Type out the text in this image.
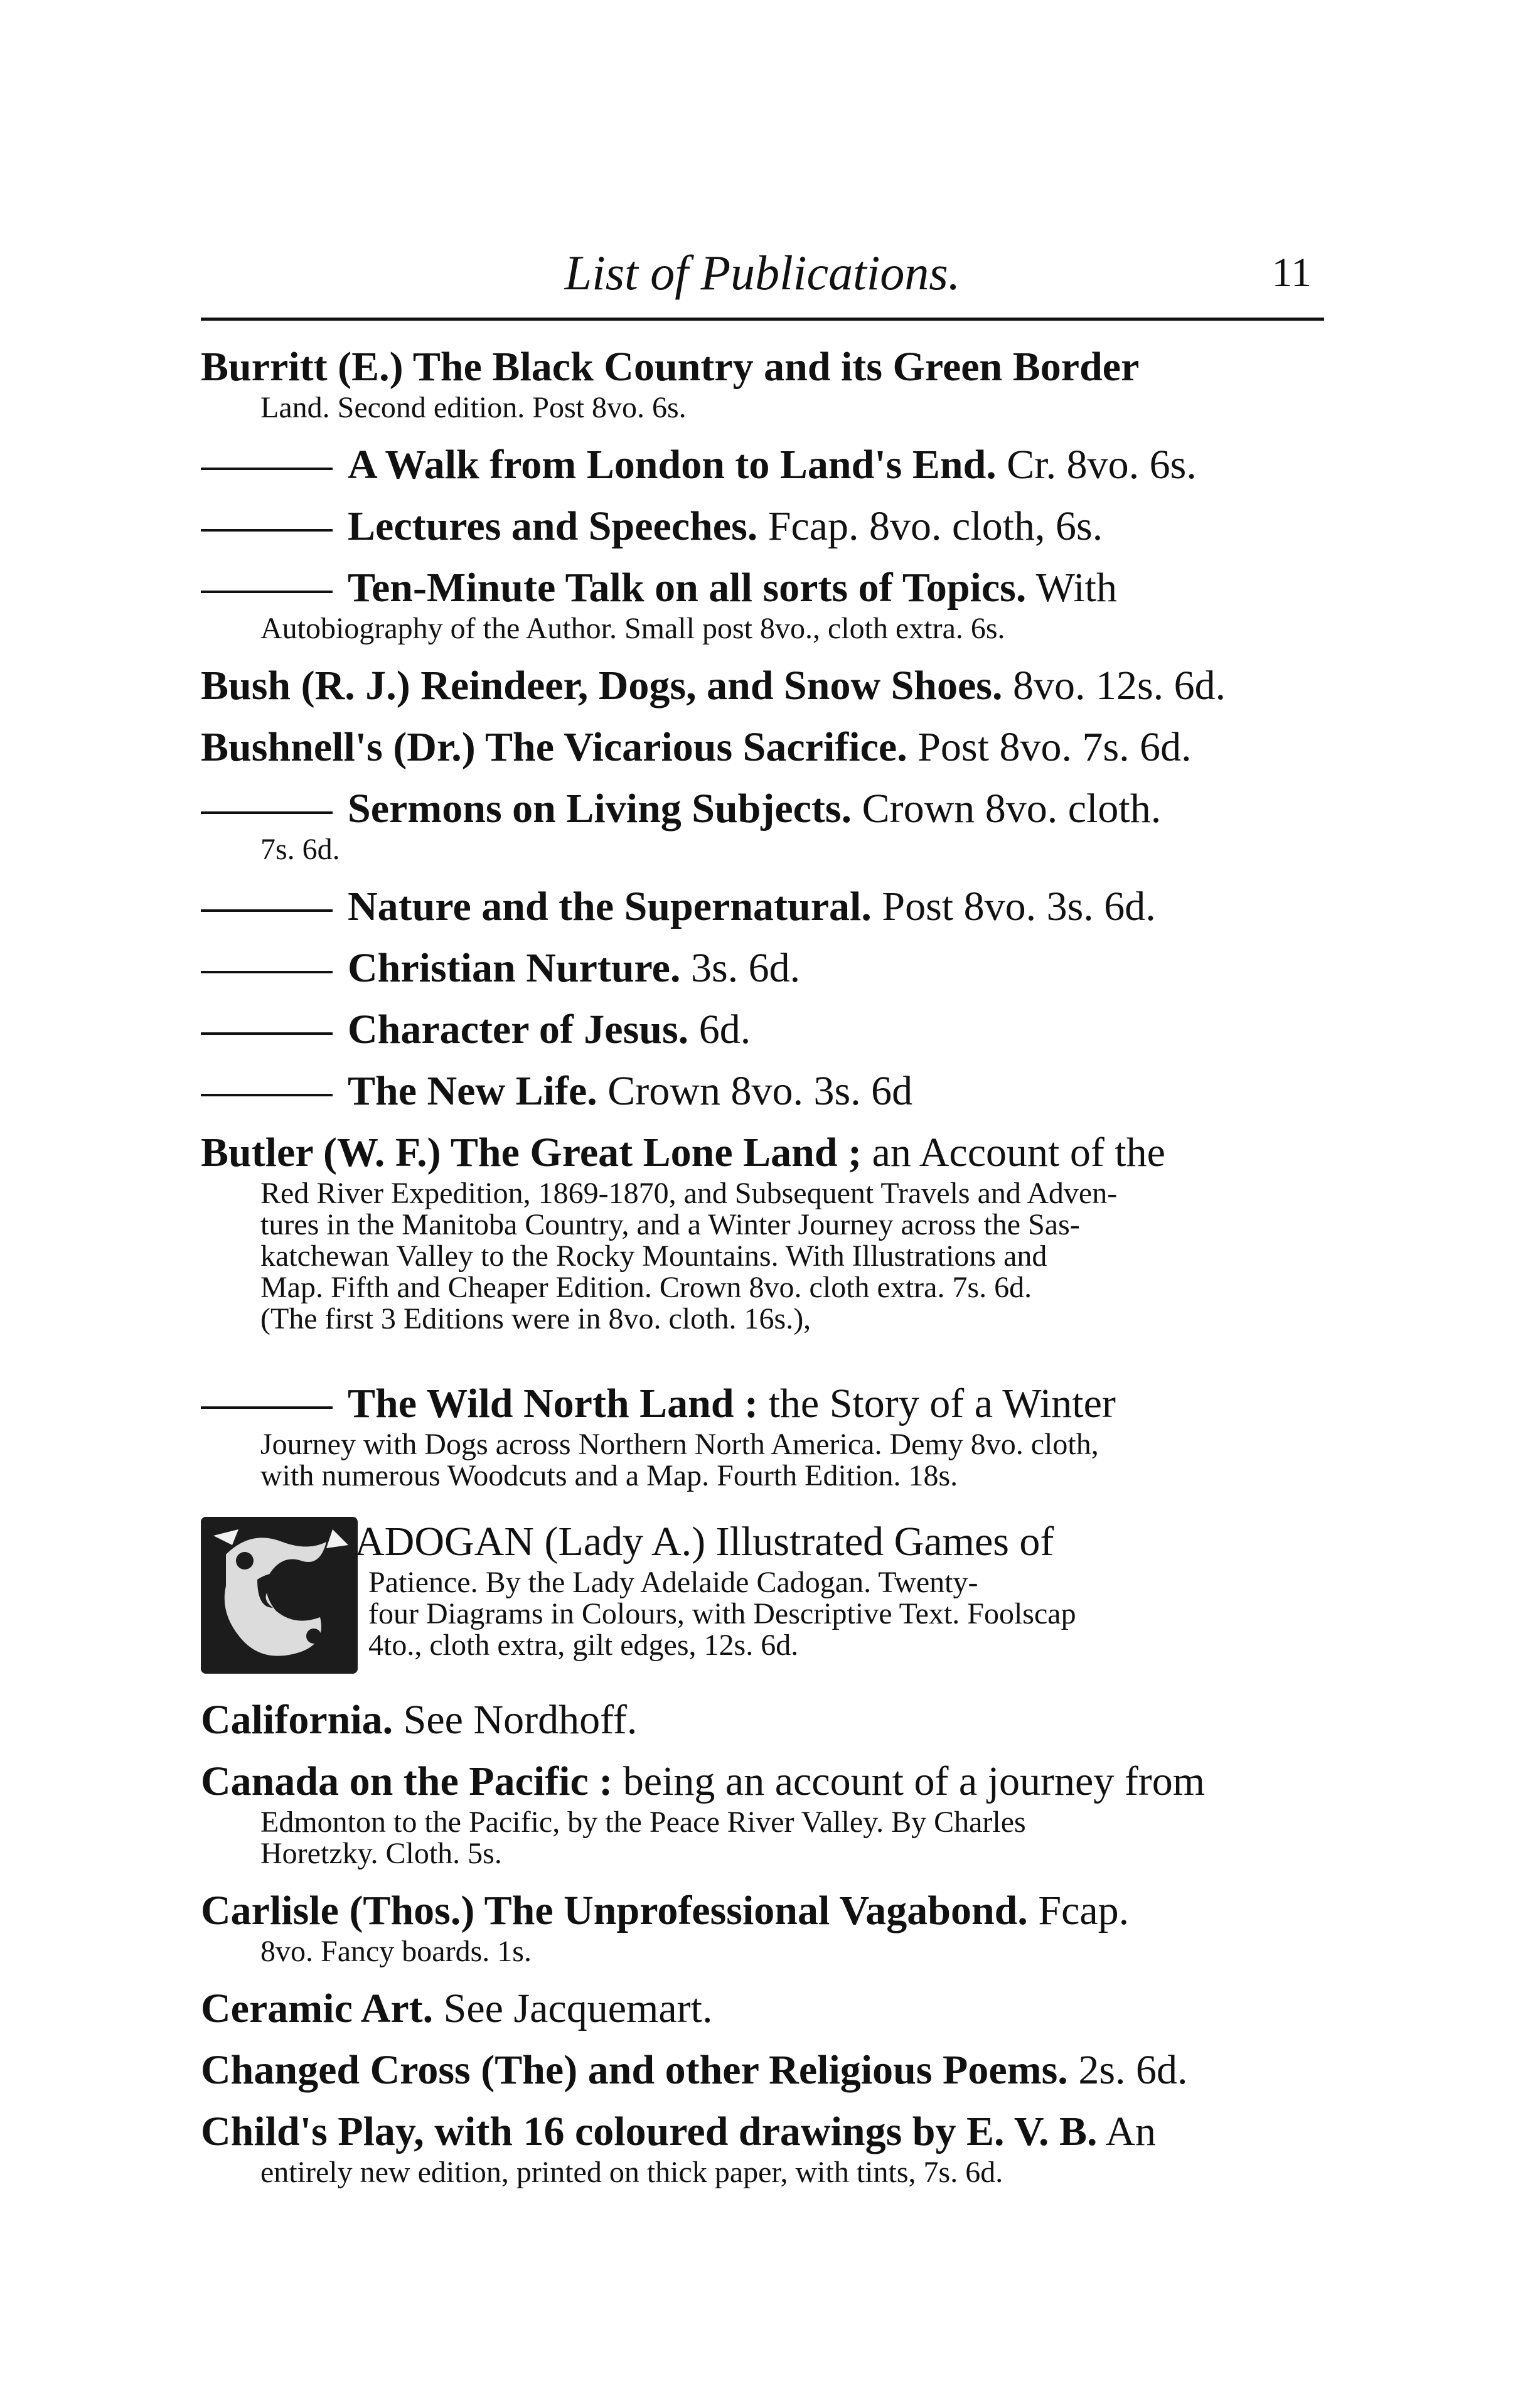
List of Publications.	11
Burritt (E.) The Black Country and its Green Border
Land. Second edition. Post 8vo. 6s.
A Walk from London to Land's End. Cr. 8vo. 6s.
Lectures and Speeches. Fcap. 8vo. cloth, 6s.
Ten-Minute Talk on all sorts of Topics. With
Autobiography of the Author. Small post 8vo., cloth extra. 6s.
Bush (R. J.) Reindeer, Dogs, and Snow Shoes. 8vo. 12s. 6d.
Bushnell's (Dr.) The Vicarious Sacrifice. Post 8vo. 7s. 6d.
Sermons on Living Subjects. Crown 8vo. cloth.
7s. 6d.
Nature and the Supernatural. Post 8vo. 3s. 6d.
Christian Nurture. 3s. 6d.
Character of Jesus. 6d.
The New Life. Crown 8vo. 3s. 6d
Butler (W. F.) The Great Lone Land ; an Account of the
Red River Expedition, 1869-1870, and Subsequent Travels and Adven-
tures in the Manitoba Country, and a Winter Journey across the Sas-
katchewan Valley to the Rocky Mountains. With Illustrations and
Map. Fifth and Cheaper Edition. Crown 8vo. cloth extra. 7s. 6d.
(The first 3 Editions were in 8vo. cloth. 16s.),
The Wild North Land : the Story of a Winter
Journey with Dogs across Northern North America. Demy 8vo. cloth,
with numerous Woodcuts and a Map. Fourth Edition. 18s.
ADOGAN (Lady A.) Illustrated Games of
Patience. By the Lady Adelaide Cadogan. Twenty-
four Diagrams in Colours, with Descriptive Text. Foolscap
4to., cloth extra, gilt edges, 12s. 6d.
California. See Nordhoff.
Canada on the Pacific : being an account of a journey from
Edmonton to the Pacific, by the Peace River Valley. By Charles
Horetzky. Cloth. 5s.
Carlisle (Thos.) The Unprofessional Vagabond. Fcap.
8vo. Fancy boards. 1s.
Ceramic Art. See Jacquemart.
Changed Cross (The) and other Religious Poems. 2s. 6d.
Child's Play, with 16 coloured drawings by E. V. B. An
entirely new edition, printed on thick paper, with tints, 7s. 6d.
